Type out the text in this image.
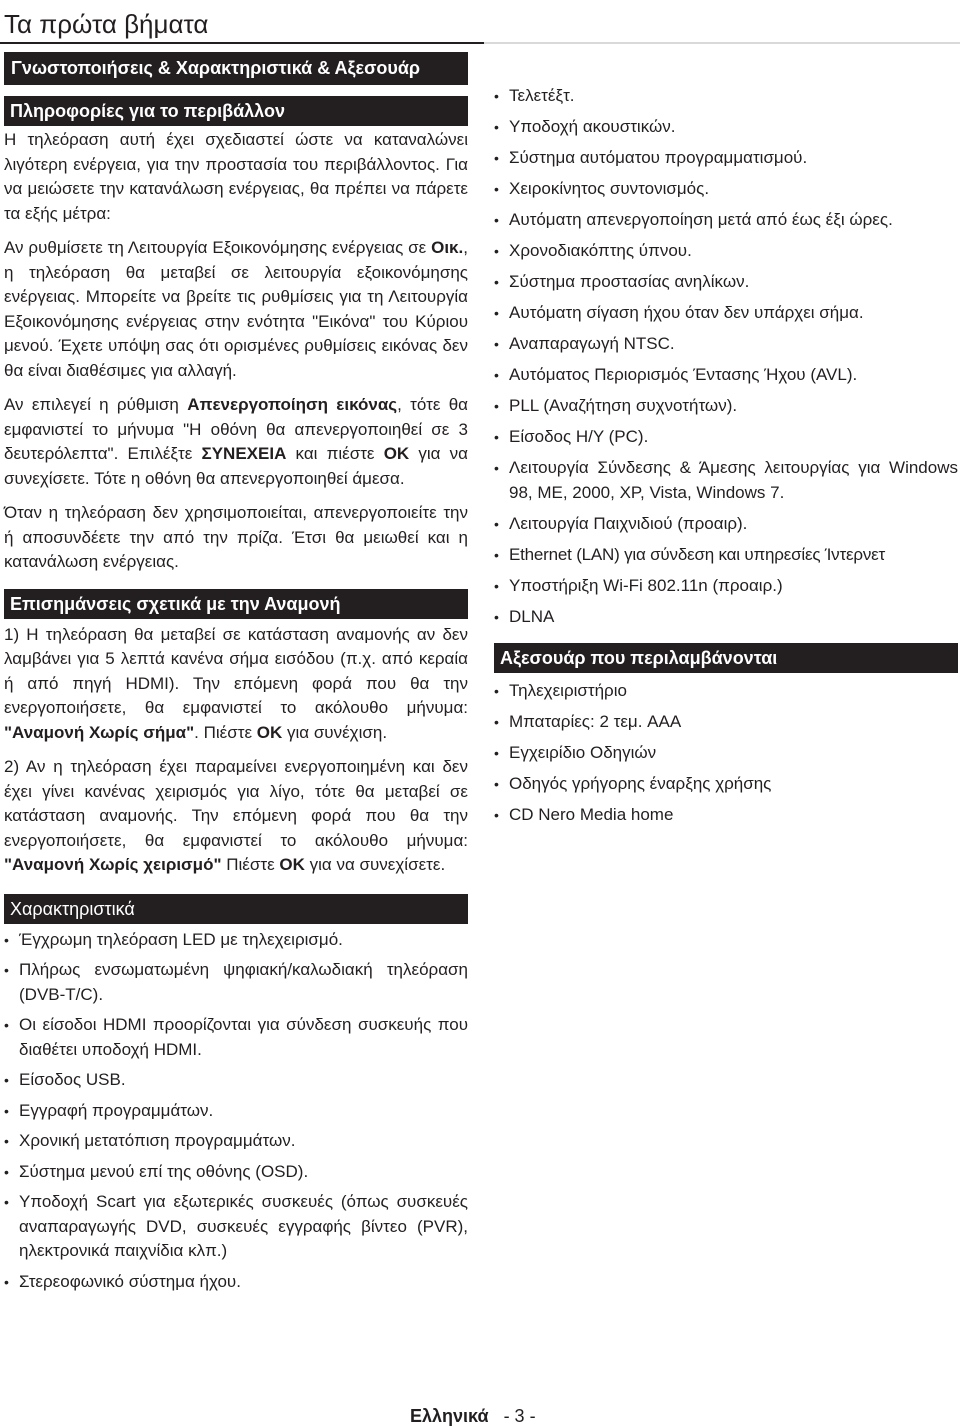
Τα πρώτα βήματα
Γνωστοποιήσεις & Χαρακτηριστικά & Αξεσουάρ
Πληροφορίες για το περιβάλλον

Η τηλεόραση αυτή έχει σχεδιαστεί ώστε να καταναλώνει λιγότερη ενέργεια, για την προστασία του περιβάλλοντος. Για να μειώσετε την κατανάλωση ενέργειας, θα πρέπει να πάρετε τα εξής μέτρα:

Αν ρυθμίσετε τη Λειτουργία Εξοικονόμησης ενέργειας σε Οικ., η τηλεόραση θα μεταβεί σε λειτουργία εξοικονόμησης ενέργειας. Μπορείτε να βρείτε τις ρυθμίσεις για τη Λειτουργία Εξοικονόμησης ενέργειας στην ενότητα "Εικόνα" του Κύριου μενού. Έχετε υπόψη σας ότι ορισμένες ρυθμίσεις εικόνας δεν θα είναι διαθέσιμες για αλλαγή.

Αν επιλεγεί η ρύθμιση Απενεργοποίηση εικόνας, τότε θα εμφανιστεί το μήνυμα "Η οθόνη θα απενεργοποιηθεί σε 3 δευτερόλεπτα". Επιλέξτε ΣΥΝΕΧΕΙΑ και πιέστε OK για να συνεχίσετε. Τότε η οθόνη θα απενεργοποιηθεί άμεσα.

Όταν η τηλεόραση δεν χρησιμοποιείται, απενεργοποιείτε την ή αποσυνδέετε την από την πρίζα. Έτσι θα μειωθεί και η κατανάλωση ενέργειας.

Επισημάνσεις σχετικά με την Αναμονή

1) Η τηλεόραση θα μεταβεί σε κατάσταση αναμονής αν δεν λαμβάνει για 5 λεπτά κανένα σήμα εισόδου (π.χ. από κεραία ή από πηγή HDMI). Την επόμενη φορά που θα την ενεργοποιήσετε, θα εμφανιστεί το ακόλουθο μήνυμα: "Αναμονή Χωρίς σήμα". Πιέστε OK για συνέχιση.

2) Αν η τηλεόραση έχει παραμείνει ενεργοποιημένη και δεν έχει γίνει κανένας χειρισμός για λίγο, τότε θα μεταβεί σε κατάσταση αναμονής. Την επόμενη φορά που θα την ενεργοποιήσετε, θα εμφανιστεί το ακόλουθο μήνυμα: "Αναμονή Χωρίς χειρισμό" Πιέστε OK για να συνεχίσετε.

Χαρακτηριστικά
• Έγχρωμη τηλεόραση LED με τηλεχειρισμό.
• Πλήρως ενσωματωμένη ψηφιακή/καλωδιακή τηλεόραση (DVB-T/C).
• Οι είσοδοι HDMI προορίζονται για σύνδεση συσκευής που διαθέτει υποδοχή HDMI.
• Είσοδος USB.
• Εγγραφή προγραμμάτων.
• Χρονική μετατόπιση προγραμμάτων.
• Σύστημα μενού επί της οθόνης (OSD).
• Υποδοχή Scart για εξωτερικές συσκευές (όπως συσκευές αναπαραγωγής DVD, συσκευές εγγραφής βίντεο (PVR), ηλεκτρονικά παιχνίδια κλπ.)
• Στερεοφωνικό σύστημα ήχου.
• Τελετέξτ.
• Υποδοχή ακουστικών.
• Σύστημα αυτόματου προγραμματισμού.
• Χειροκίνητος συντονισμός.
• Αυτόματη απενεργοποίηση μετά από έως έξι ώρες.
• Χρονοδιακόπτης ύπνου.
• Σύστημα προστασίας ανηλίκων.
• Αυτόματη σίγαση ήχου όταν δεν υπάρχει σήμα.
• Αναπαραγωγή NTSC.
• Αυτόματος Περιορισμός Έντασης Ήχου (AVL).
• PLL (Αναζήτηση συχνοτήτων).
• Είσοδος Η/Υ (PC).
• Λειτουργία Σύνδεσης & Άμεσης λειτουργίας για Windows 98, ME, 2000, XP, Vista, Windows 7.
• Λειτουργία Παιχνιδιού (προαιρ).
• Ethernet (LAN) για σύνδεση και υπηρεσίες Ίντερνετ
• Υποστήριξη Wi-Fi 802.11n (προαιρ.)
• DLNA
Αξεσουάρ που περιλαμβάνονται
• Τηλεχειριστήριο
• Μπαταρίες: 2 τεμ. AAA
• Εγχειρίδιο Οδηγιών
• Οδηγός γρήγορης έναρξης χρήσης
• CD Nero Media home
Ελληνικά - 3 -
